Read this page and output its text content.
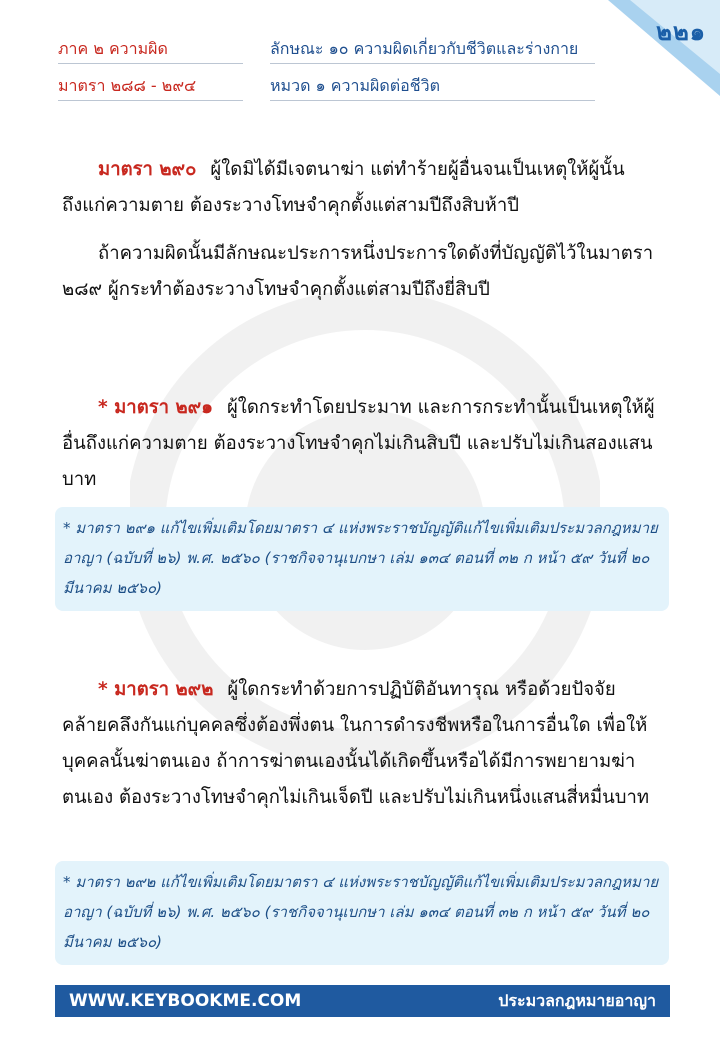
๒๒๑
ภาค ๒ ความผิด
มาตรา ๒๘๘ - ๒๙๔
ลักษณะ ๑๐ ความผิดเกี่ยวกับชีวิตและร่างกาย
หมวด ๑ ความผิดต่อชีวิต

มาตรา ๒๙๐ ผู้ใดมิได้มีเจตนาฆ่า แต่ทำร้ายผู้อื่นจนเป็นเหตุให้ผู้นั้นถึงแก่ความตาย ต้องระวางโทษจำคุกตั้งแต่สามปีถึงสิบห้าปี

ถ้าความผิดนั้นมีลักษณะประการหนึ่งประการใดดังที่บัญญัติไว้ในมาตรา ๒๘๙ ผู้กระทำต้องระวางโทษจำคุกตั้งแต่สามปีถึงยี่สิบปี

* มาตรา ๒๙๑ ผู้ใดกระทำโดยประมาท และการกระทำนั้นเป็นเหตุให้ผู้อื่นถึงแก่ความตาย ต้องระวางโทษจำคุกไม่เกินสิบปี และปรับไม่เกินสองแสนบาท

* มาตรา ๒๙๑ แก้ไขเพิ่มเติมโดยมาตรา ๔ แห่งพระราชบัญญัติแก้ไขเพิ่มเติมประมวลกฎหมายอาญา (ฉบับที่ ๒๖) พ.ศ. ๒๕๖๐ (ราชกิจจานุเบกษา เล่ม ๑๓๔ ตอนที่ ๓๒ ก หน้า ๕๙ วันที่ ๒๐ มีนาคม ๒๕๖๐)

* มาตรา ๒๙๒ ผู้ใดกระทำด้วยการปฏิบัติอันทารุณ หรือด้วยปัจจัยคล้ายคลึงกันแก่บุคคลซึ่งต้องพึ่งตน ในการดำรงชีพหรือในการอื่นใด เพื่อให้บุคคลนั้นฆ่าตนเอง ถ้าการฆ่าตนเองนั้นได้เกิดขึ้นหรือได้มีการพยายามฆ่าตนเอง ต้องระวางโทษจำคุกไม่เกินเจ็ดปี และปรับไม่เกินหนึ่งแสนสี่หมื่นบาท

* มาตรา ๒๙๒ แก้ไขเพิ่มเติมโดยมาตรา ๔ แห่งพระราชบัญญัติแก้ไขเพิ่มเติมประมวลกฎหมายอาญา (ฉบับที่ ๒๖) พ.ศ. ๒๕๖๐ (ราชกิจจานุเบกษา เล่ม ๑๓๔ ตอนที่ ๓๒ ก หน้า ๕๙ วันที่ ๒๐ มีนาคม ๒๕๖๐)
WWW.KEYBOOKME.COM	ประมวลกฎหมายอาญา
